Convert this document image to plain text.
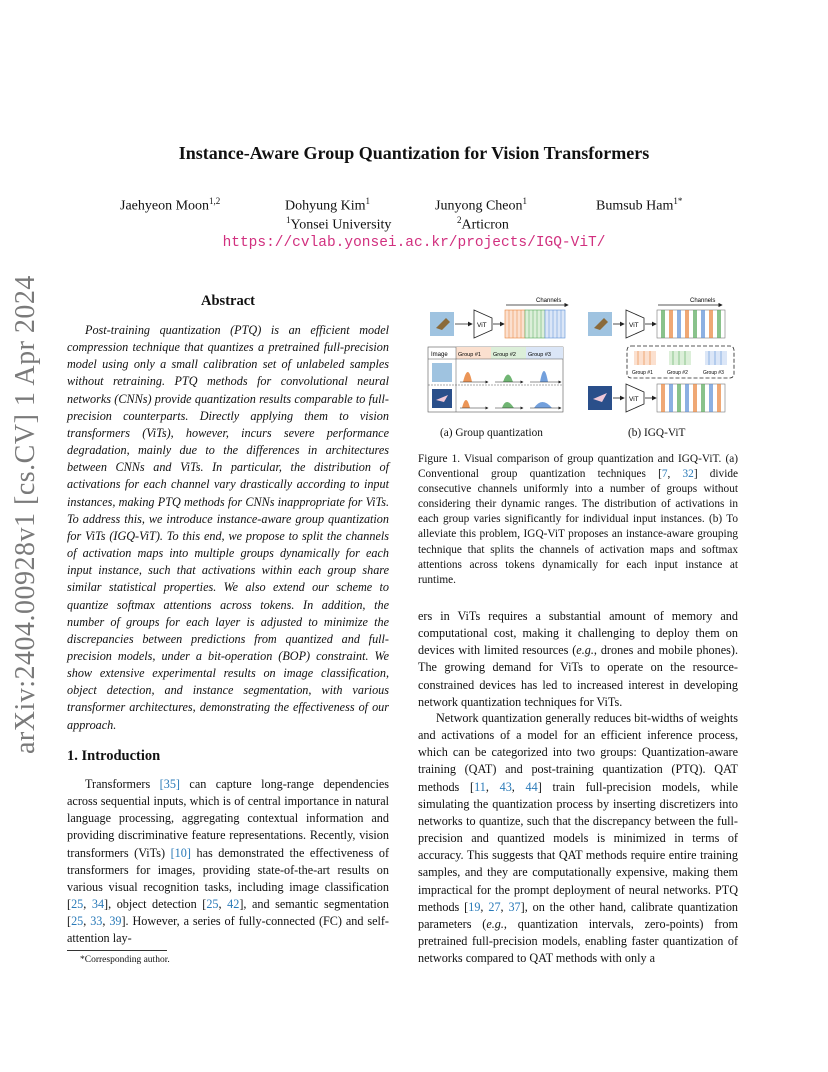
arXiv:2404.00928v1 [cs.CV] 1 Apr 2024
Instance-Aware Group Quantization for Vision Transformers
Jaehyeon Moon$^{1,2}$	Dohyung Kim$^1$	Junyong Cheon$^1$	Bumsub Ham$^{1*}$
$^1$Yonsei University	$^2$Articron
https://cvlab.yonsei.ac.kr/projects/IGQ-ViT/
Abstract

Post-training quantization (PTQ) is an efficient model compression technique that quantizes a pretrained full-precision model using only a small calibration set of unlabeled samples without retraining. PTQ methods for convolutional neural networks (CNNs) provide quantization results comparable to full-precision counterparts. Directly applying them to vision transformers (ViTs), however, incurs severe performance degradation, mainly due to the differences in architectures between CNNs and ViTs. In particular, the distribution of activations for each channel vary drastically according to input instances, making PTQ methods for CNNs inappropriate for ViTs. To address this, we introduce instance-aware group quantization for ViTs (IGQ-ViT). To this end, we propose to split the channels of activation maps into multiple groups dynamically for each input instance, such that activations within each group share similar statistical properties. We also extend our scheme to quantize softmax attentions across tokens. In addition, the number of groups for each layer is adjusted to minimize the discrepancies between predictions from quantized and full-precision models, under a bit-operation (BOP) constraint. We show extensive experimental results on image classification, object detection, and instance segmentation, with various transformer architectures, demonstrating the effectiveness of our approach.

1. Introduction

Transformers [35] can capture long-range dependencies across sequential inputs, which is of central importance in natural language processing, aggregating contextual information and providing discriminative feature representations. Recently, vision transformers (ViTs) [10] has demonstrated the effectiveness of transformers for images, providing state-of-the-art results on various visual recognition tasks, including image classification [25, 34], object detection [25, 42], and semantic segmentation [25, 33, 39]. However, a series of fully-connected (FC) and self-attention lay-

*Corresponding author.
Channels
ViT
Image Group #1 Group #2 Group #3
Channels
ViT
Group #1	Group #2	Group #3
ViT
(a) Group quantization	(b) IGQ-ViT

Figure 1. Visual comparison of group quantization and IGQ-ViT. (a) Conventional group quantization techniques [7, 32] divide consecutive channels uniformly into a number of groups without considering their dynamic ranges. The distribution of activations in each group varies significantly for individual input instances. (b) To alleviate this problem, IGQ-ViT proposes an instance-aware grouping technique that splits the channels of activation maps and softmax attentions across tokens dynamically for each input instance at runtime.

ers in ViTs requires a substantial amount of memory and computational cost, making it challenging to deploy them on devices with limited resources (e.g., drones and mobile phones). The growing demand for ViTs to operate on the resource-constrained devices has led to increased interest in developing network quantization techniques for ViTs.

Network quantization generally reduces bit-widths of weights and activations of a model for an efficient inference process, which can be categorized into two groups: Quantization-aware training (QAT) and post-training quantization (PTQ). QAT methods [11, 43, 44] train full-precision models, while simulating the quantization process by inserting discretizers into networks to quantize, such that the discrepancy between the full-precision and quantized models is minimized in terms of accuracy. This suggests that QAT methods require entire training samples, and they are computationally expensive, making them impractical for the prompt deployment of neural networks. PTQ methods [19, 27, 37], on the other hand, calibrate quantization parameters (e.g., quantization intervals, zero-points) from pretrained full-precision models, enabling faster quantization of networks compared to QAT methods with only a
